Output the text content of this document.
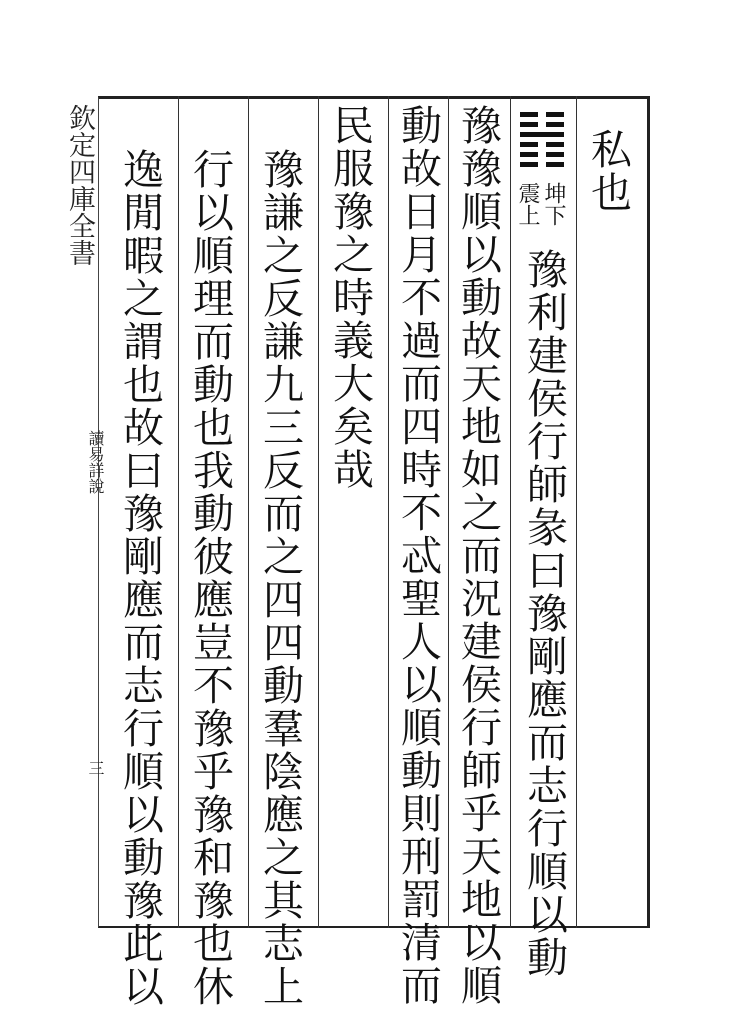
欽定四庫全書
讀易詳說
三
私也
坤下
震上
豫利建侯行師彖曰豫剛應而志行順以動
豫豫順以動故天地如之而況建侯行師乎天地以順
動故日月不過而四時不忒聖人以順動則刑罰清而
民服豫之時義大矣哉
豫謙之反謙九三反而之四四動羣陰應之其志上
行以順理而動也我動彼應豈不豫乎豫和豫也休
逸閒暇之謂也故曰豫剛應而志行順以動豫此以
